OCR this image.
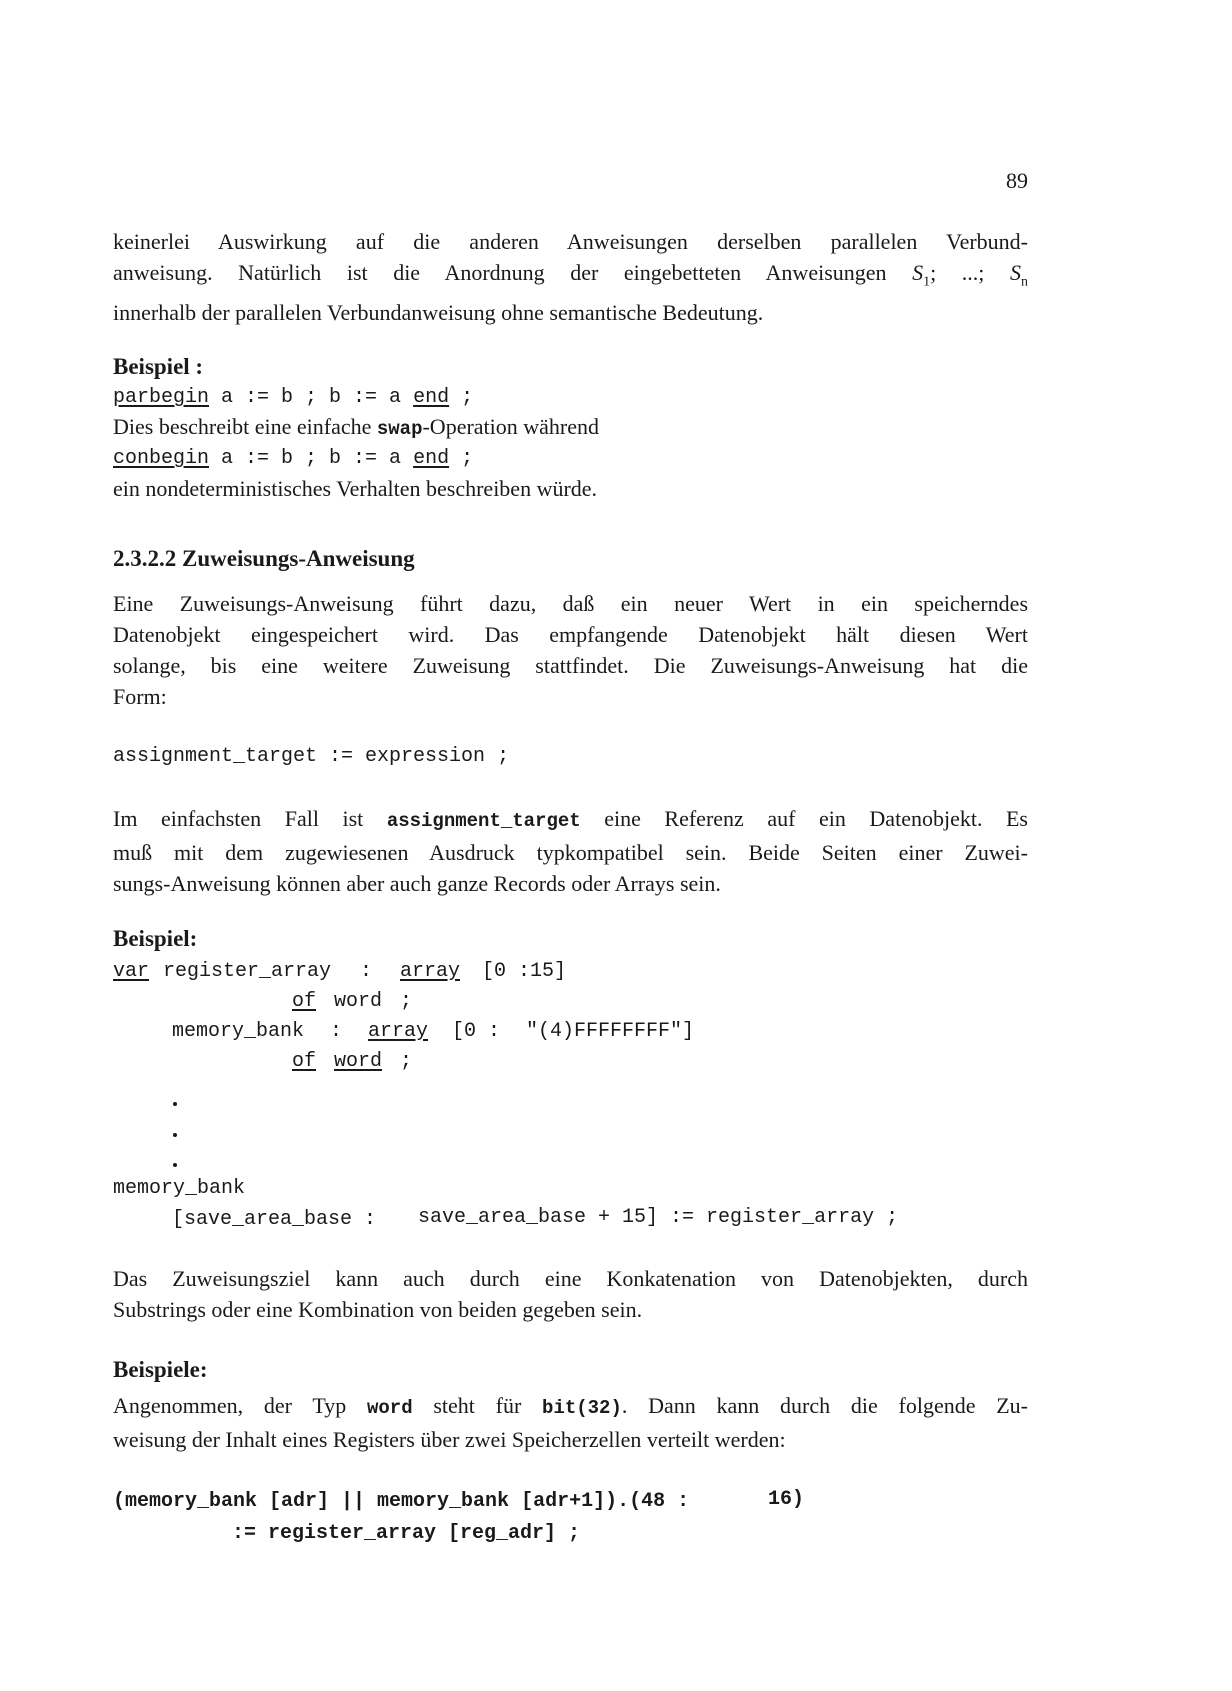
89
keinerlei Auswirkung auf die anderen Anweisungen derselben parallelen Verbund-
anweisung. Natürlich ist die Anordnung der eingebetteten Anweisungen $S_1$; ...; $S_n$
innerhalb der parallelen Verbundanweisung ohne semantische Bedeutung.
Beispiel :
parbegin a := b ; b := a end ;
Dies beschreibt eine einfache swap-Operation während
conbegin a := b ; b := a end ;
ein nondeterministisches Verhalten beschreiben würde.
2.3.2.2 Zuweisungs-Anweisung
Eine Zuweisungs-Anweisung führt dazu, daß ein neuer Wert in ein speicherndes
Datenobjekt eingespeichert wird. Das empfangende Datenobjekt hält diesen Wert
solange, bis eine weitere Zuweisung stattfindet. Die Zuweisungs-Anweisung hat die
Form:
assignment_target := expression ;
Im einfachsten Fall ist assignment_target eine Referenz auf ein Datenobjekt. Es
muß mit dem zugewiesenen Ausdruck typkompatibel sein. Beide Seiten einer Zuwei-
sungs-Anweisung können aber auch ganze Records oder Arrays sein.
Beispiel:
var register_array : array [0 :15]
of word ;
memory_bank : array [0 : "(4)FFFFFFFF"]
of word ;
memory_bank
[save_area_base : save_area_base + 15] := register_array ;
Das Zuweisungsziel kann auch durch eine Konkatenation von Datenobjekten, durch
Substrings oder eine Kombination von beiden gegeben sein.
Beispiele:
Angenommen, der Typ word steht für bit(32). Dann kann durch die folgende Zu-
weisung der Inhalt eines Registers über zwei Speicherzellen verteilt werden:
(memory_bank [adr] || memory_bank [adr+1]).(48 :	16)
:= register_array [reg_adr] ;
